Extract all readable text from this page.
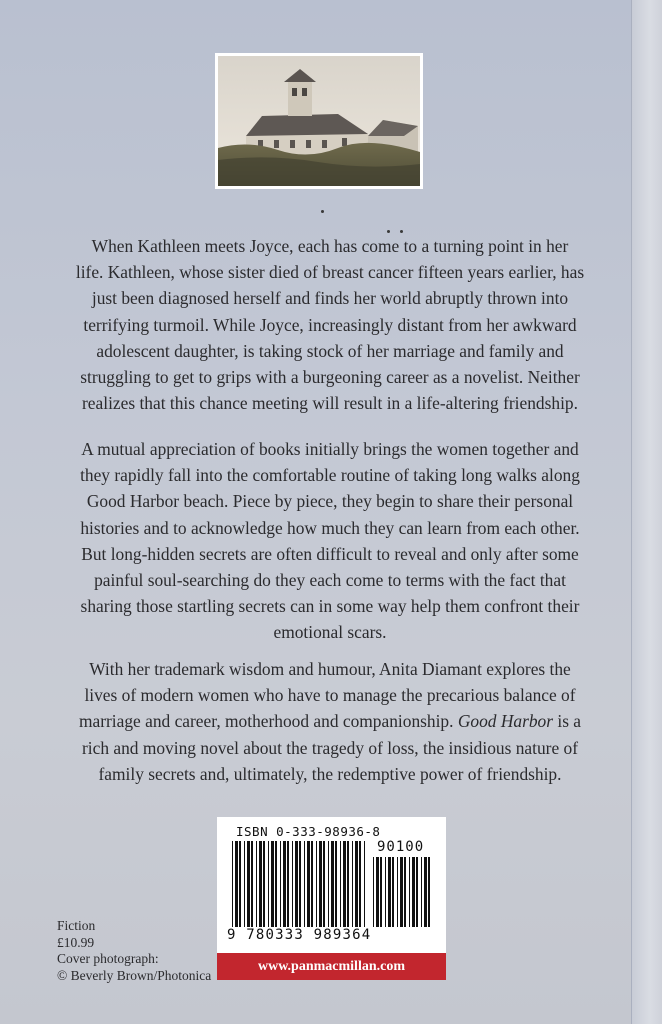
When Kathleen meets Joyce, each has come to a turning point in her

life. Kathleen, whose sister died of breast cancer fifteen years earlier, has

just been diagnosed herself and finds her world abruptly thrown into

terrifying turmoil. While Joyce, increasingly distant from her awkward

adolescent daughter, is taking stock of her marriage and family and

struggling to get to grips with a burgeoning career as a novelist. Neither

realizes that this chance meeting will result in a life-altering friendship.

A mutual appreciation of books initially brings the women together and

they rapidly fall into the comfortable routine of taking long walks along

Good Harbor beach. Piece by piece, they begin to share their personal

histories and to acknowledge how much they can learn from each other.

But long-hidden secrets are often difficult to reveal and only after some

painful soul-searching do they each come to terms with the fact that

sharing those startling secrets can in some way help them confront their

emotional scars.

With her trademark wisdom and humour, Anita Diamant explores the

lives of modern women who have to manage the precarious balance of

marriage and career, motherhood and companionship. Good Harbor is a

rich and moving novel about the tragedy of loss, the insidious nature of

family secrets and, ultimately, the redemptive power of friendship.

ISBN 0-333-98936-8
90100
9 780333 989364
www.panmacmillan.com
Fiction
£10.99
Cover photograph:
© Beverly Brown/Photonica
